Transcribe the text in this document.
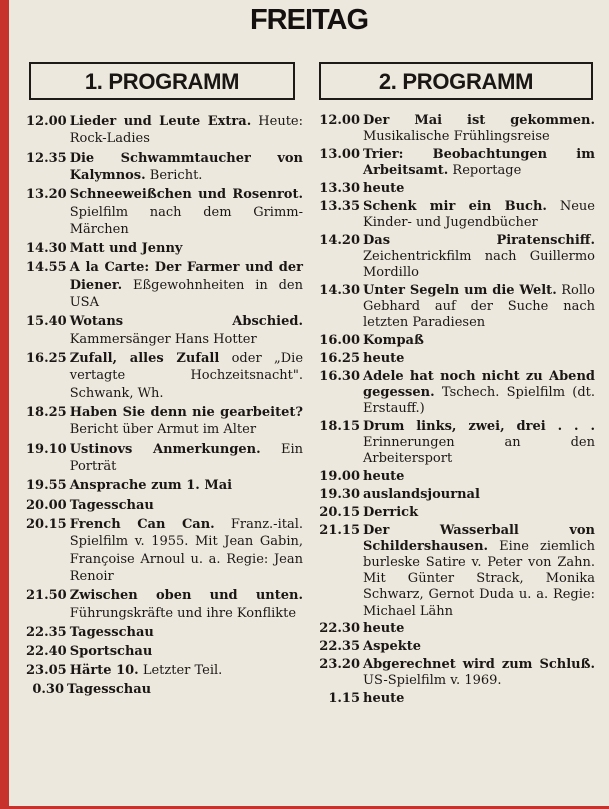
FREITAG
1. PROGRAMM
12.00 Lieder und Leute Extra. Heute: Rock-Ladies
12.35 Die Schwammtaucher von Kalymnos. Bericht.
13.20 Schneeweißchen und Rosenrot. Spielfilm nach dem Grimm-Märchen
14.30 Matt und Jenny
14.55 A la Carte: Der Farmer und der Diener. Eßgewohnheiten in den USA
15.40 Wotans Abschied. Kammersänger Hans Hotter
16.25 Zufall, alles Zufall oder „Die vertagte Hochzeitsnacht". Schwank, Wh.
18.25 Haben Sie denn nie gearbeitet? Bericht über Armut im Alter
19.10 Ustinovs Anmerkungen. Ein Porträt
19.55 Ansprache zum 1. Mai
20.00 Tagesschau
20.15 French Can Can. Franz.-ital. Spielfilm v. 1955. Mit Jean Gabin, Françoise Arnoul u. a. Regie: Jean Renoir
21.50 Zwischen oben und unten. Führungskräfte und ihre Konflikte
22.35 Tagesschau
22.40 Sportschau
23.05 Härte 10. Letzter Teil.
0.30 Tagesschau
2. PROGRAMM
12.00 Der Mai ist gekommen. Musikalische Frühlingsreise
13.00 Trier: Beobachtungen im Arbeitsamt. Reportage
13.30 heute
13.35 Schenk mir ein Buch. Neue Kinder- und Jugendbücher
14.20 Das Piratenschiff. Zeichentrickfilm nach Guillermo Mordillo
14.30 Unter Segeln um die Welt. Rollo Gebhard auf der Suche nach letzten Paradiesen
16.00 Kompaß
16.25 heute
16.30 Adele hat noch nicht zu Abend gegessen. Tschech. Spielfilm (dt. Erstauff.)
18.15 Drum links, zwei, drei . . . Erinnerungen an den Arbeitersport
19.00 heute
19.30 auslandsjournal
20.15 Derrick
21.15 Der Wasserball von Schildershausen. Eine ziemlich burleske Satire v. Peter von Zahn. Mit Günter Strack, Monika Schwarz, Gernot Duda u. a. Regie: Michael Lähn
22.30 heute
22.35 Aspekte
23.20 Abgerechnet wird zum Schluß. US-Spielfilm v. 1969.
1.15 heute
